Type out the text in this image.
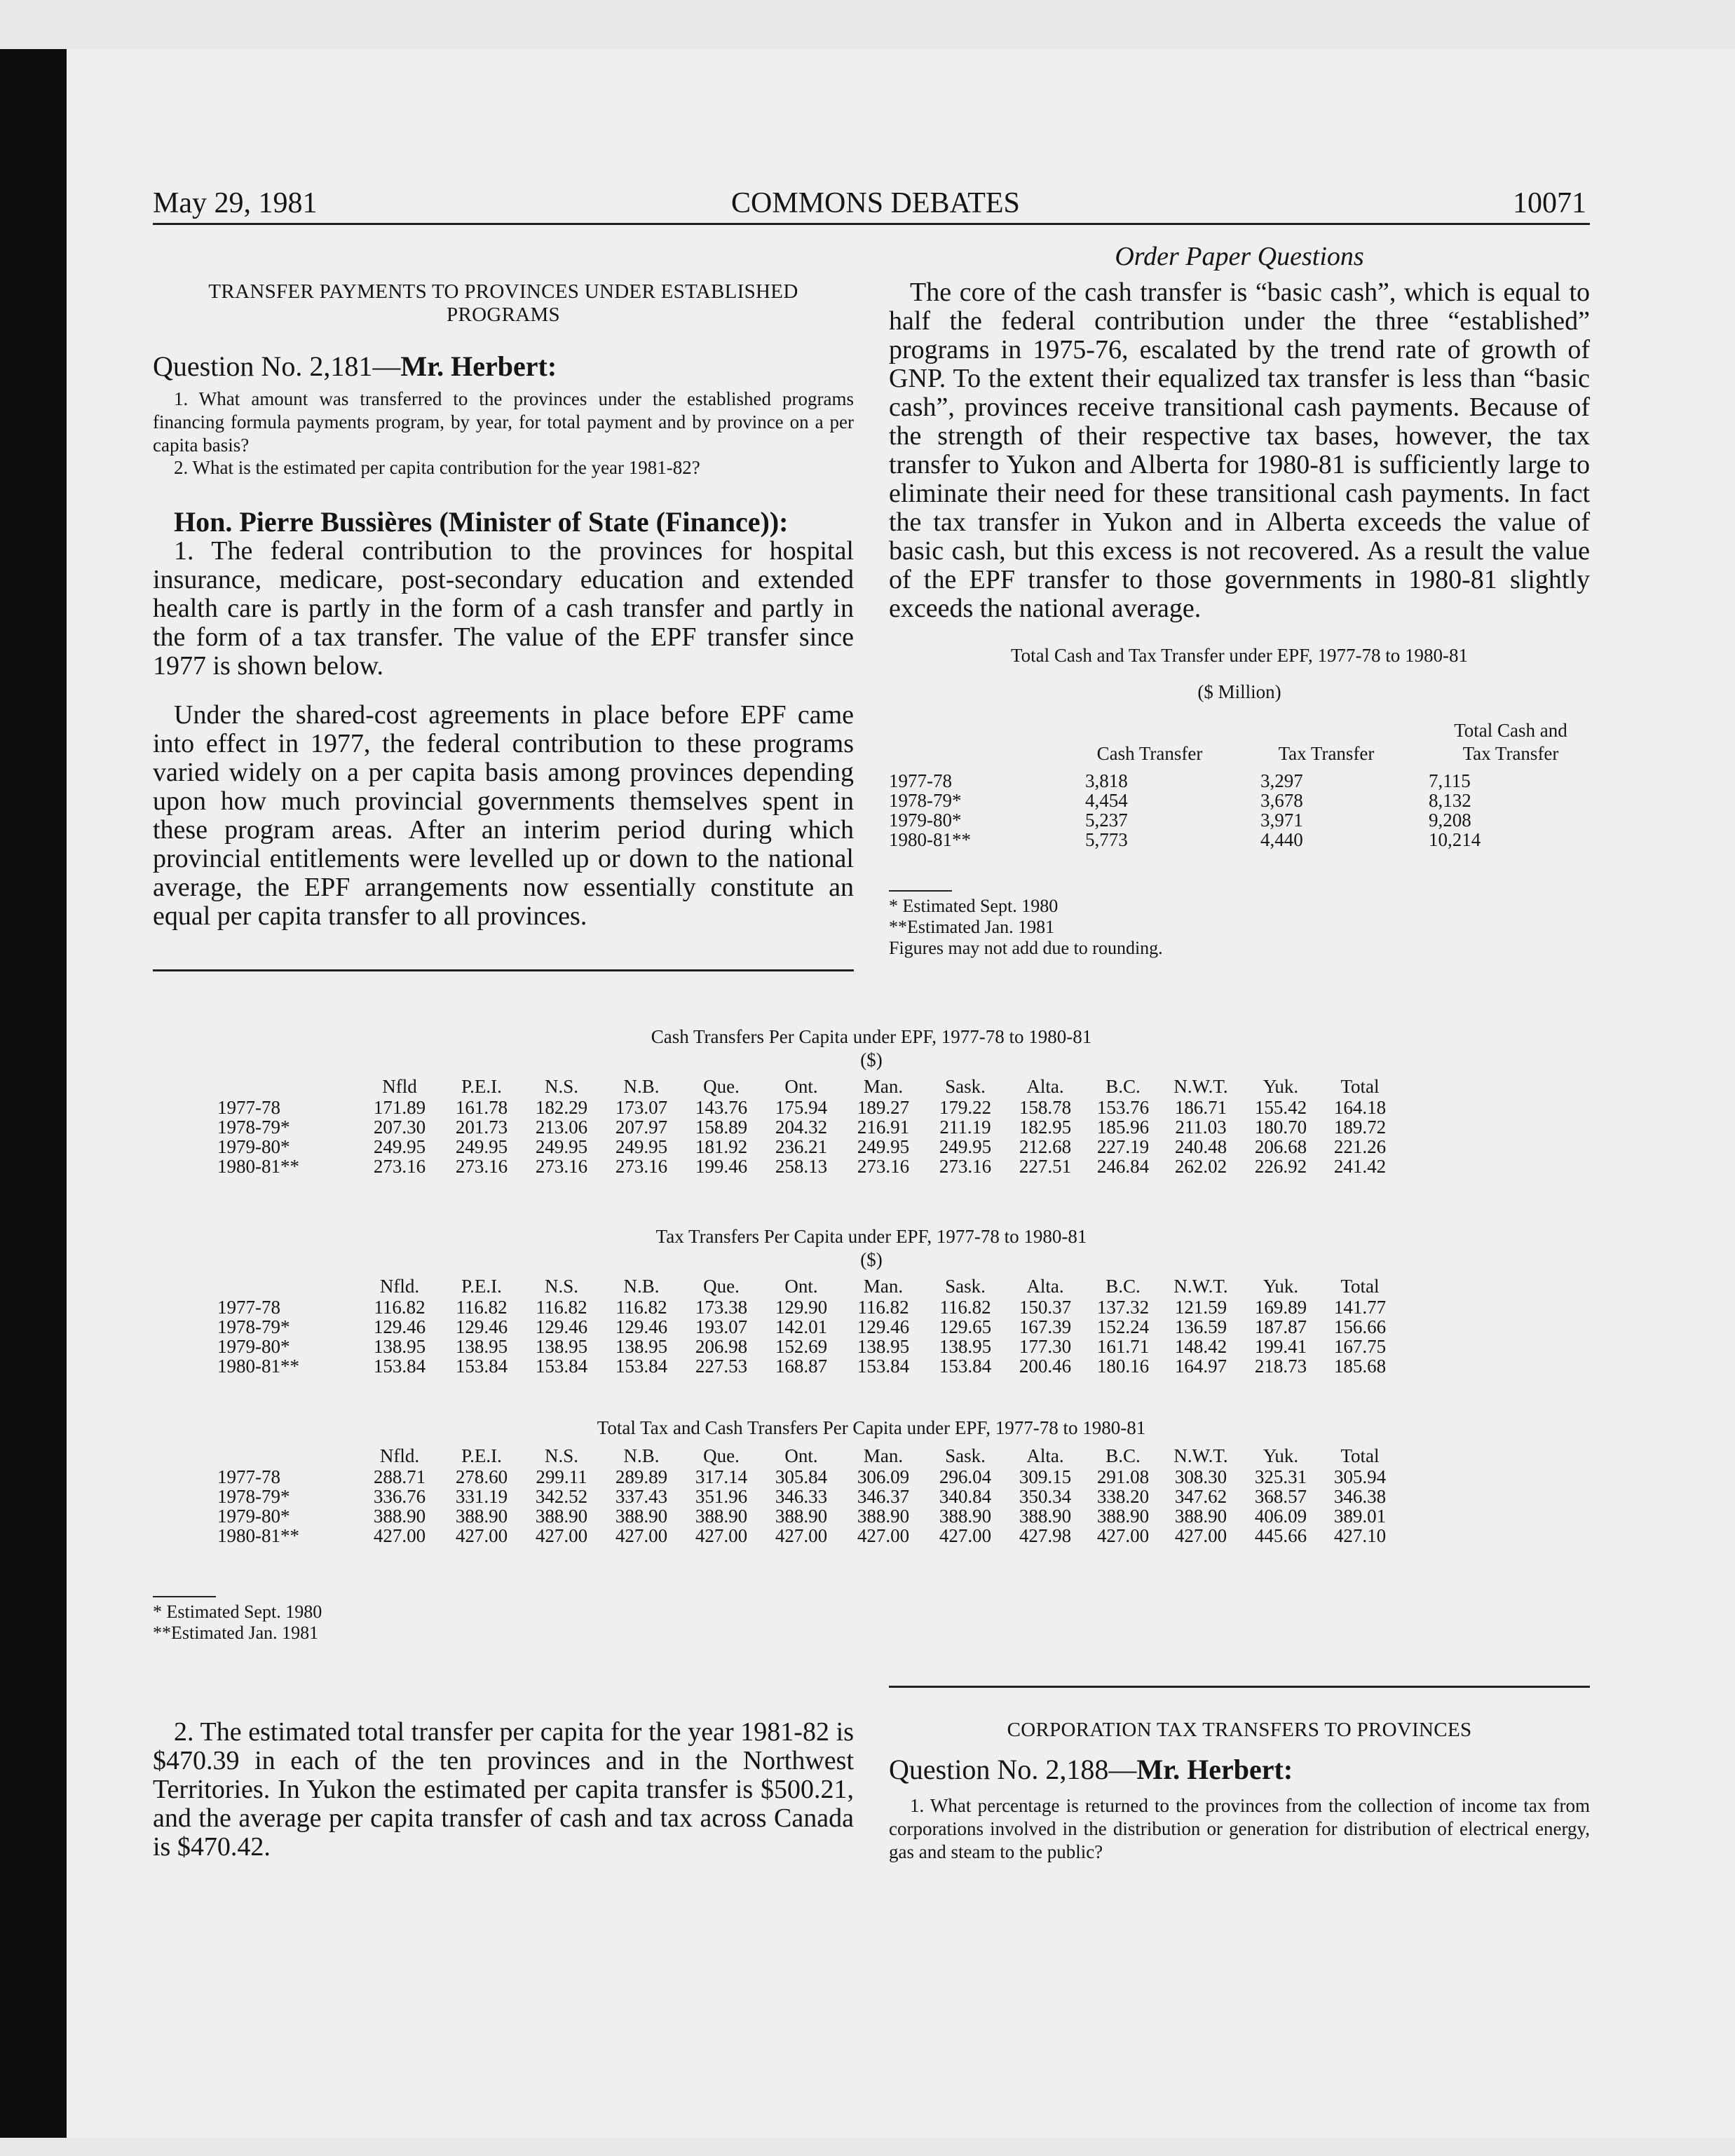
May 29, 1981	COMMONS DEBATES	10071
Order Paper Questions
TRANSFER PAYMENTS TO PROVINCES UNDER ESTABLISHED PROGRAMS
Question No. 2,181—Mr. Herbert:
1. What amount was transferred to the provinces under the established programs financing formula payments program, by year, for total payment and by province on a per capita basis?
2. What is the estimated per capita contribution for the year 1981-82?
Hon. Pierre Bussières (Minister of State (Finance)):
1. The federal contribution to the provinces for hospital insurance, medicare, post-secondary education and extended health care is partly in the form of a cash transfer and partly in the form of a tax transfer. The value of the EPF transfer since 1977 is shown below.
Under the shared-cost agreements in place before EPF came into effect in 1977, the federal contribution to these programs varied widely on a per capita basis among provinces depending upon how much provincial governments themselves spent in these program areas. After an interim period during which provincial entitlements were levelled up or down to the national average, the EPF arrangements now essentially constitute an equal per capita transfer to all provinces.
The core of the cash transfer is “basic cash”, which is equal to half the federal contribution under the three “established” programs in 1975-76, escalated by the trend rate of growth of GNP. To the extent their equalized tax transfer is less than “basic cash”, provinces receive transitional cash payments. Because of the strength of their respective tax bases, however, the tax transfer to Yukon and Alberta for 1980-81 is sufficiently large to eliminate their need for these transitional cash payments. In fact the tax transfer in Yukon and in Alberta exceeds the value of basic cash, but this excess is not recovered. As a result the value of the EPF transfer to those governments in 1980-81 slightly exceeds the national average.
Total Cash and Tax Transfer under EPF, 1977-78 to 1980-81
($ Million)
Cash Transfer	Tax Transfer
Total Cash and
Tax Transfer
1977-78	3,818	3,297	7,115
1978-79*	4,454	3,678	8,132
1979-80*	5,237	3,971	9,208
1980-81**	5,773	4,440	10,214
* Estimated Sept. 1980
**Estimated Jan. 1981
Figures may not add due to rounding.
Cash Transfers Per Capita under EPF, 1977-78 to 1980-81
($)
	Nfld	P.E.I.	N.S.	N.B.	Que.	Ont.	Man.	Sask.	Alta.	B.C.	N.W.T.	Yuk.	Total
1977-78	171.89	161.78	182.29	173.07	143.76	175.94	189.27	179.22	158.78	153.76	186.71	155.42	164.18
1978-79*	207.30	201.73	213.06	207.97	158.89	204.32	216.91	211.19	182.95	185.96	211.03	180.70	189.72
1979-80*	249.95	249.95	249.95	249.95	181.92	236.21	249.95	249.95	212.68	227.19	240.48	206.68	221.26
1980-81**	273.16	273.16	273.16	273.16	199.46	258.13	273.16	273.16	227.51	246.84	262.02	226.92	241.42
Tax Transfers Per Capita under EPF, 1977-78 to 1980-81
($)
	Nfld.	P.E.I.	N.S.	N.B.	Que.	Ont.	Man.	Sask.	Alta.	B.C.	N.W.T.	Yuk.	Total
1977-78	116.82	116.82	116.82	116.82	173.38	129.90	116.82	116.82	150.37	137.32	121.59	169.89	141.77
1978-79*	129.46	129.46	129.46	129.46	193.07	142.01	129.46	129.65	167.39	152.24	136.59	187.87	156.66
1979-80*	138.95	138.95	138.95	138.95	206.98	152.69	138.95	138.95	177.30	161.71	148.42	199.41	167.75
1980-81**	153.84	153.84	153.84	153.84	227.53	168.87	153.84	153.84	200.46	180.16	164.97	218.73	185.68
Total Tax and Cash Transfers Per Capita under EPF, 1977-78 to 1980-81
	Nfld.	P.E.I.	N.S.	N.B.	Que.	Ont.	Man.	Sask.	Alta.	B.C.	N.W.T.	Yuk.	Total
1977-78	288.71	278.60	299.11	289.89	317.14	305.84	306.09	296.04	309.15	291.08	308.30	325.31	305.94
1978-79*	336.76	331.19	342.52	337.43	351.96	346.33	346.37	340.84	350.34	338.20	347.62	368.57	346.38
1979-80*	388.90	388.90	388.90	388.90	388.90	388.90	388.90	388.90	388.90	388.90	388.90	406.09	389.01
1980-81**	427.00	427.00	427.00	427.00	427.00	427.00	427.00	427.00	427.98	427.00	427.00	445.66	427.10
* Estimated Sept. 1980
**Estimated Jan. 1981
2. The estimated total transfer per capita for the year 1981-82 is $470.39 in each of the ten provinces and in the Northwest Territories. In Yukon the estimated per capita transfer is $500.21, and the average per capita transfer of cash and tax across Canada is $470.42.
CORPORATION TAX TRANSFERS TO PROVINCES
Question No. 2,188—Mr. Herbert:
1. What percentage is returned to the provinces from the collection of income tax from corporations involved in the distribution or generation for distribution of electrical energy, gas and steam to the public?
